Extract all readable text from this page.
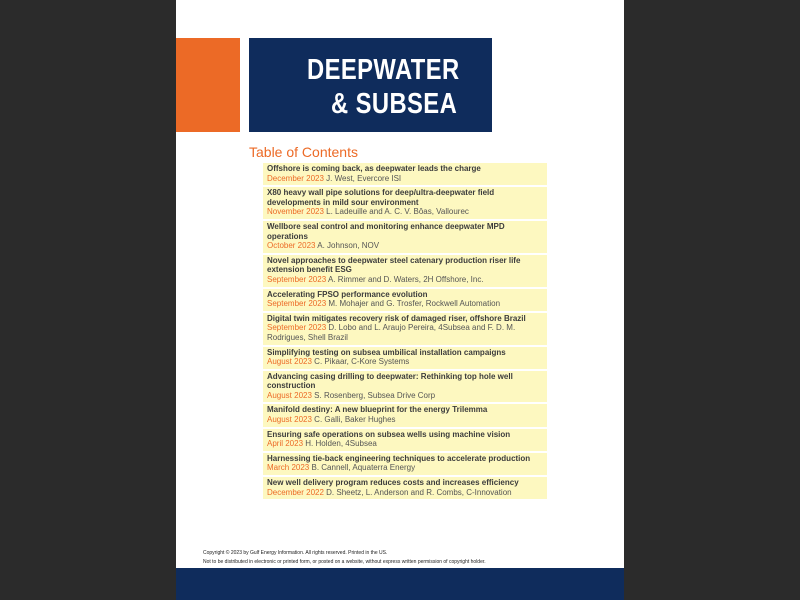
DEEPWATER
& SUBSEA
Table of Contents
Offshore is coming back, as deepwater leads the charge
December 2023 J. West, Evercore ISI
X80 heavy wall pipe solutions for deep/ultra-deepwater field developments in mild sour environment
November 2023 L. Ladeuille and A. C. V. Bôas, Vallourec
Wellbore seal control and monitoring enhance deepwater MPD operations
October 2023 A. Johnson, NOV
Novel approaches to deepwater steel catenary production riser life extension benefit ESG
September 2023 A. Rimmer and D. Waters, 2H Offshore, Inc.
Accelerating FPSO performance evolution
September 2023 M. Mohajer and G. Trosfer, Rockwell Automation
Digital twin mitigates recovery risk of damaged riser, offshore Brazil
September 2023 D. Lobo and L. Araujo Pereira, 4Subsea and F. D. M. Rodrigues, Shell Brazil
Simplifying testing on subsea umbilical installation campaigns
August 2023 C. Pikaar, C-Kore Systems
Advancing casing drilling to deepwater: Rethinking top hole well construction
August 2023 S. Rosenberg, Subsea Drive Corp
Manifold destiny: A new blueprint for the energy Trilemma
August 2023 C. Galli, Baker Hughes
Ensuring safe operations on subsea wells using machine vision
April 2023 H. Holden, 4Subsea
Harnessing tie-back engineering techniques to accelerate production
March 2023 B. Cannell, Aquaterra Energy
New well delivery program reduces costs and increases efficiency
December 2022 D. Sheetz, L. Anderson and R. Combs, C-Innovation
Copyright © 2023 by Gulf Energy Information. All rights reserved. Printed in the US.
Not to be distributed in electronic or printed form, or posted on a website, without express written permission of copyright holder.
